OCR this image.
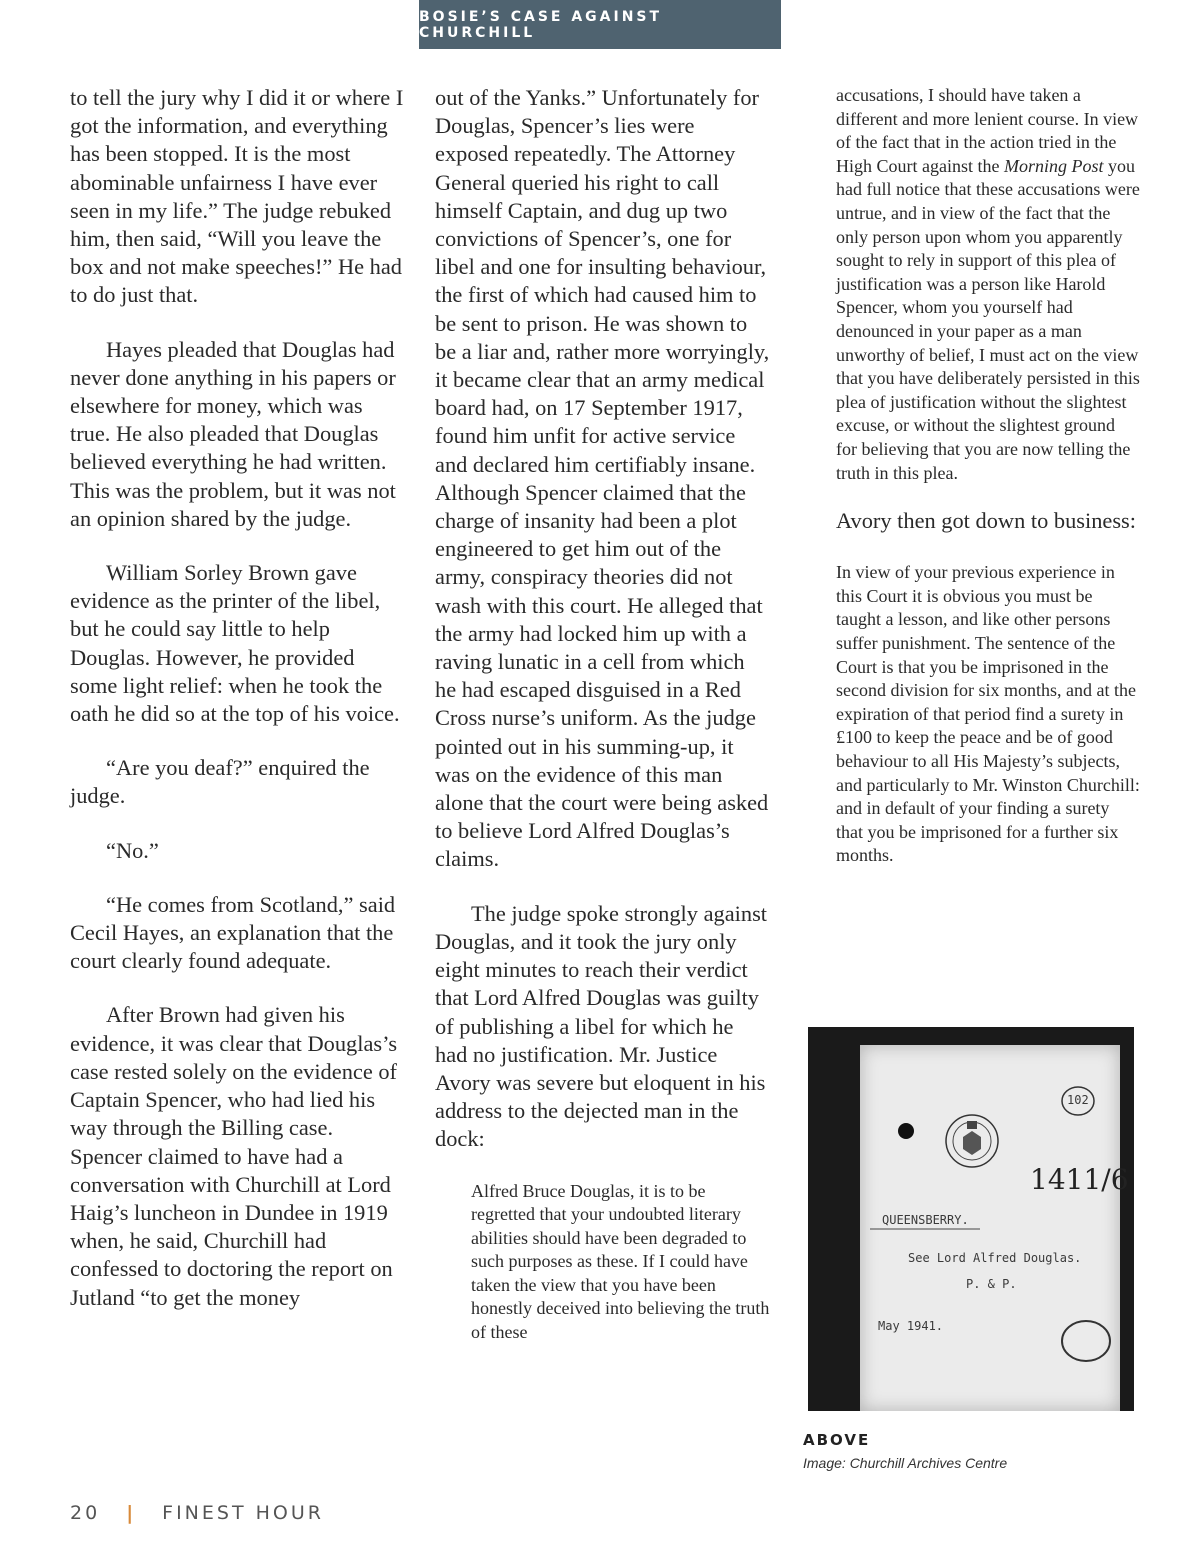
BOSIE’S CASE AGAINST CHURCHILL

to tell the jury why I did it or where I got the information, and everything has been stopped. It is the most abominable unfairness I have ever seen in my life.” The judge rebuked him, then said, “Will you leave the box and not make speeches!” He had to do just that.

Hayes pleaded that Douglas had never done anything in his papers or elsewhere for money, which was true. He also pleaded that Douglas believed everything he had written. This was the problem, but it was not an opinion shared by the judge.

William Sorley Brown gave evidence as the printer of the libel, but he could say little to help Douglas. However, he provided some light relief: when he took the oath he did so at the top of his voice.

“Are you deaf?” enquired the judge.

“No.”

“He comes from Scotland,” said Cecil Hayes, an explanation that the court clearly found adequate.

After Brown had given his evidence, it was clear that Douglas’s case rested solely on the evidence of Captain Spencer, who had lied his way through the Billing case. Spencer claimed to have had a conversation with Churchill at Lord Haig’s luncheon in Dundee in 1919 when, he said, Churchill had confessed to doctoring the report on Jutland “to get the money

out of the Yanks.” Unfortunately for Douglas, Spencer’s lies were exposed repeatedly. The Attorney General queried his right to call himself Captain, and dug up two convictions of Spencer’s, one for libel and one for insulting behaviour, the first of which had caused him to be sent to prison. He was shown to be a liar and, rather more worryingly, it became clear that an army medical board had, on 17 September 1917, found him unfit for active service and declared him certifiably insane. Although Spencer claimed that the charge of insanity had been a plot engineered to get him out of the army, conspiracy theories did not wash with this court. He alleged that the army had locked him up with a raving lunatic in a cell from which he had escaped disguised in a Red Cross nurse’s uniform. As the judge pointed out in his summing-up, it was on the evidence of this man alone that the court were being asked to believe Lord Alfred Douglas’s claims.

The judge spoke strongly against Douglas, and it took the jury only eight minutes to reach their verdict that Lord Alfred Douglas was guilty of publishing a libel for which he had no justification. Mr. Justice Avory was severe but eloquent in his address to the dejected man in the dock:

Alfred Bruce Douglas, it is to be regretted that your undoubted literary abilities should have been degraded to such purposes as these. If I could have taken the view that you have been honestly deceived into believing the truth of these
accusations, I should have taken a different and more lenient course. In view of the fact that in the action tried in the High Court against the Morning Post you had full notice that these accusations were untrue, and in view of the fact that the only person upon whom you apparently sought to rely in support of this plea of justification was a person like Harold Spencer, whom you yourself had denounced in your paper as a man unworthy of belief, I must act on the view that you have deliberately persisted in this plea of justification without the slightest excuse, or without the slightest ground for believing that you are now telling the truth in this plea.

Avory then got down to business:

In view of your previous experience in this Court it is obvious you must be taught a lesson, and like other persons suffer punishment. The sentence of the Court is that you be imprisoned in the second division for six months, and at the expiration of that period find a surety in £100 to keep the peace and be of good behaviour to all His Majesty’s subjects, and particularly to Mr. Winston Churchill: and in default of your finding a surety that you be imprisoned for a further six months.
102
1411/6
QUEENSBERRY.
See Lord Alfred Douglas.
P. & P.
May 1941.
ABOVE
Image: Churchill Archives Centre
20 | FINEST HOUR
